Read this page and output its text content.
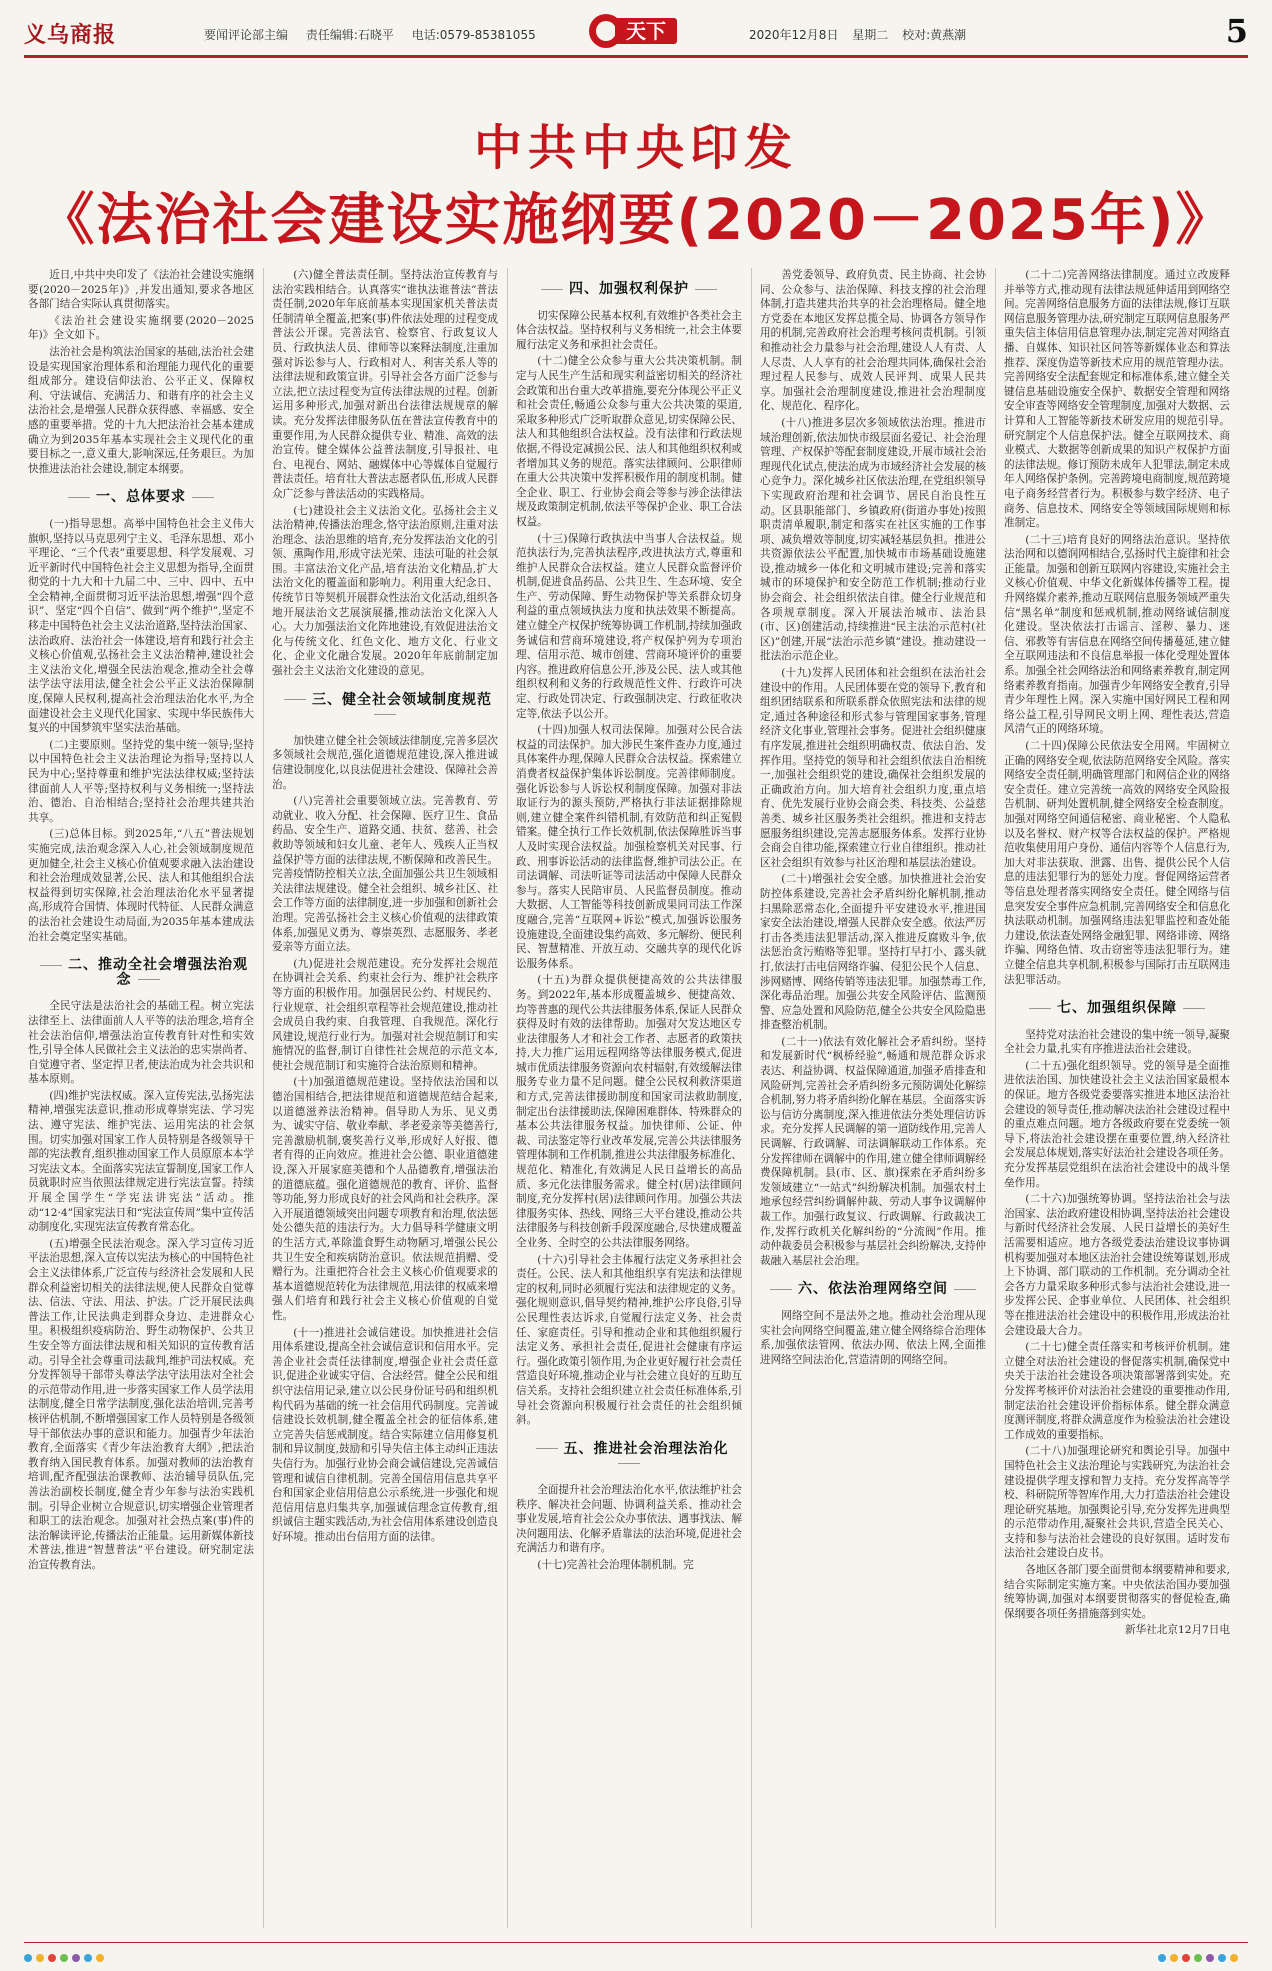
义乌商报	要闻评论部主编 责任编辑:石晓平 电话:0579-85381055	天下	2020年12月8日 星期二 校对:黄燕潮	5
中共中央印发
《法治社会建设实施纲要(2020－2025年)》

近日,中共中央印发了《法治社会建设实施纲要(2020－2025年)》,并发出通知,要求各地区各部门结合实际认真贯彻落实。

《法治社会建设实施纲要(2020－2025年)》全文如下。

法治社会是构筑法治国家的基础,法治社会建设是实现国家治理体系和治理能力现代化的重要组成部分。建设信仰法治、公平正义、保障权利、守法诚信、充满活力、和谐有序的社会主义法治社会,是增强人民群众获得感、幸福感、安全感的重要举措。党的十九大把法治社会基本建成确立为到2035年基本实现社会主义现代化的重要目标之一,意义重大,影响深远,任务艰巨。为加快推进法治社会建设,制定本纲要。

一、总体要求

(一)指导思想。高举中国特色社会主义伟大旗帜,坚持以马克思列宁主义、毛泽东思想、邓小平理论、“三个代表”重要思想、科学发展观、习近平新时代中国特色社会主义思想为指导,全面贯彻党的十九大和十九届二中、三中、四中、五中全会精神,全面贯彻习近平法治思想,增强“四个意识”、坚定“四个自信”、做到“两个维护”,坚定不移走中国特色社会主义法治道路,坚持法治国家、法治政府、法治社会一体建设,培育和践行社会主义核心价值观,弘扬社会主义法治精神,建设社会主义法治文化,增强全民法治观念,推动全社会尊法学法守法用法,健全社会公平正义法治保障制度,保障人民权利,提高社会治理法治化水平,为全面建设社会主义现代化国家、实现中华民族伟大复兴的中国梦筑牢坚实法治基础。

(二)主要原则。坚持党的集中统一领导;坚持以中国特色社会主义法治理论为指导;坚持以人民为中心;坚持尊重和维护宪法法律权威;坚持法律面前人人平等;坚持权利与义务相统一;坚持法治、德治、自治相结合;坚持社会治理共建共治共享。

(三)总体目标。到2025年,“八五”普法规划实施完成,法治观念深入人心,社会领域制度规范更加健全,社会主义核心价值观要求融入法治建设和社会治理成效显著,公民、法人和其他组织合法权益得到切实保障,社会治理法治化水平显著提高,形成符合国情、体现时代特征、人民群众满意的法治社会建设生动局面,为2035年基本建成法治社会奠定坚实基础。

二、推动全社会增强法治观念

全民守法是法治社会的基础工程。树立宪法法律至上、法律面前人人平等的法治理念,培育全社会法治信仰,增强法治宣传教育针对性和实效性,引导全体人民做社会主义法治的忠实崇尚者、自觉遵守者、坚定捍卫者,使法治成为社会共识和基本原则。

(四)维护宪法权威。深入宣传宪法,弘扬宪法精神,增强宪法意识,推动形成尊崇宪法、学习宪法、遵守宪法、维护宪法、运用宪法的社会氛围。切实加强对国家工作人员特别是各级领导干部的宪法教育,组织推动国家工作人员原原本本学习宪法文本。全面落实宪法宣誓制度,国家工作人员就职时应当依照法律规定进行宪法宣誓。持续开展全国学生“学宪法讲宪法”活动。推动“12·4”国家宪法日和“宪法宣传周”集中宣传活动制度化,实现宪法宣传教育常态化。

(五)增强全民法治观念。深入学习宣传习近平法治思想,深入宣传以宪法为核心的中国特色社会主义法律体系,广泛宣传与经济社会发展和人民群众利益密切相关的法律法规,使人民群众自觉尊法、信法、守法、用法、护法。广泛开展民法典普法工作,让民法典走到群众身边、走进群众心里。积极组织疫病防治、野生动物保护、公共卫生安全等方面法律法规和相关知识的宣传教育活动。引导全社会尊重司法裁判,维护司法权威。充分发挥领导干部带头尊法学法守法用法对全社会的示范带动作用,进一步落实国家工作人员学法用法制度,健全日常学法制度,强化法治培训,完善考核评估机制,不断增强国家工作人员特别是各级领导干部依法办事的意识和能力。加强青少年法治教育,全面落实《青少年法治教育大纲》,把法治教育纳入国民教育体系。加强对教师的法治教育培训,配齐配强法治课教师、法治辅导员队伍,完善法治副校长制度,健全青少年参与法治实践机制。引导企业树立合规意识,切实增强企业管理者和职工的法治观念。加强对社会热点案(事)件的法治解读评论,传播法治正能量。运用新媒体新技术普法,推进“智慧普法”平台建设。研究制定法治宣传教育法。

(六)健全普法责任制。坚持法治宣传教育与法治实践相结合。认真落实“谁执法谁普法”普法责任制,2020年年底前基本实现国家机关普法责任制清单全覆盖,把案(事)件依法处理的过程变成普法公开课。完善法官、检察官、行政复议人员、行政执法人员、律师等以案释法制度,注重加强对诉讼参与人、行政相对人、利害关系人等的法律法规和政策宣讲。引导社会各方面广泛参与立法,把立法过程变为宣传法律法规的过程。创新运用多种形式,加强对新出台法律法规规章的解读。充分发挥法律服务队伍在普法宣传教育中的重要作用,为人民群众提供专业、精准、高效的法治宣传。健全媒体公益普法制度,引导报社、电台、电视台、网站、融媒体中心等媒体自觉履行普法责任。培育壮大普法志愿者队伍,形成人民群众广泛参与普法活动的实践格局。

(七)建设社会主义法治文化。弘扬社会主义法治精神,传播法治理念,恪守法治原则,注重对法治理念、法治思维的培育,充分发挥法治文化的引领、熏陶作用,形成守法光荣、违法可耻的社会氛围。丰富法治文化产品,培育法治文化精品,扩大法治文化的覆盖面和影响力。利用重大纪念日、传统节日等契机开展群众性法治文化活动,组织各地开展法治文艺展演展播,推动法治文化深入人心。大力加强法治文化阵地建设,有效促进法治文化与传统文化、红色文化、地方文化、行业文化、企业文化融合发展。2020年年底前制定加强社会主义法治文化建设的意见。

三、健全社会领域制度规范

加快建立健全社会领域法律制度,完善多层次多领域社会规范,强化道德规范建设,深入推进诚信建设制度化,以良法促进社会建设、保障社会善治。

(八)完善社会重要领域立法。完善教育、劳动就业、收入分配、社会保障、医疗卫生、食品药品、安全生产、道路交通、扶贫、慈善、社会救助等领域和妇女儿童、老年人、残疾人正当权益保护等方面的法律法规,不断保障和改善民生。完善疫情防控相关立法,全面加强公共卫生领域相关法律法规建设。健全社会组织、城乡社区、社会工作等方面的法律制度,进一步加强和创新社会治理。完善弘扬社会主义核心价值观的法律政策体系,加强见义勇为、尊崇英烈、志愿服务、孝老爱亲等方面立法。

(九)促进社会规范建设。充分发挥社会规范在协调社会关系、约束社会行为、维护社会秩序等方面的积极作用。加强居民公约、村规民约、行业规章、社会组织章程等社会规范建设,推动社会成员自我约束、自我管理、自我规范。深化行风建设,规范行业行为。加强对社会规范制订和实施情况的监督,制订自律性社会规范的示范文本,使社会规范制订和实施符合法治原则和精神。

(十)加强道德规范建设。坚持依法治国和以德治国相结合,把法律规范和道德规范结合起来,以道德滋养法治精神。倡导助人为乐、见义勇为、诚实守信、敬业奉献、孝老爱亲等美德善行,完善激励机制,褒奖善行义举,形成好人好报、德者有得的正向效应。推进社会公德、职业道德建设,深入开展家庭美德和个人品德教育,增强法治的道德底蕴。强化道德规范的教育、评价、监督等功能,努力形成良好的社会风尚和社会秩序。深入开展道德领域突出问题专项教育和治理,依法惩处公德失范的违法行为。大力倡导科学健康文明的生活方式,革除滥食野生动物陋习,增强公民公共卫生安全和疾病防治意识。依法规范捐赠、受赠行为。注重把符合社会主义核心价值观要求的基本道德规范转化为法律规范,用法律的权威来增强人们培育和践行社会主义核心价值观的自觉性。

(十一)推进社会诚信建设。加快推进社会信用体系建设,提高全社会诚信意识和信用水平。完善企业社会责任法律制度,增强企业社会责任意识,促进企业诚实守信、合法经营。健全公民和组织守法信用记录,建立以公民身份证号码和组织机构代码为基础的统一社会信用代码制度。完善诚信建设长效机制,健全覆盖全社会的征信体系,建立完善失信惩戒制度。结合实际建立信用修复机制和异议制度,鼓励和引导失信主体主动纠正违法失信行为。加强行业协会商会诚信建设,完善诚信管理和诚信自律机制。完善全国信用信息共享平台和国家企业信用信息公示系统,进一步强化和规范信用信息归集共享,加强诚信理念宣传教育,组织诚信主题实践活动,为社会信用体系建设创造良好环境。推动出台信用方面的法律。

四、加强权利保护

切实保障公民基本权利,有效维护各类社会主体合法权益。坚持权利与义务相统一,社会主体要履行法定义务和承担社会责任。

(十二)健全公众参与重大公共决策机制。制定与人民生产生活和现实利益密切相关的经济社会政策和出台重大改革措施,要充分体现公平正义和社会责任,畅通公众参与重大公共决策的渠道,采取多种形式广泛听取群众意见,切实保障公民、法人和其他组织合法权益。没有法律和行政法规依据,不得设定减损公民、法人和其他组织权利或者增加其义务的规范。落实法律顾问、公职律师在重大公共决策中发挥积极作用的制度机制。健全企业、职工、行业协会商会等参与涉企法律法规及政策制定机制,依法平等保护企业、职工合法权益。

(十三)保障行政执法中当事人合法权益。规范执法行为,完善执法程序,改进执法方式,尊重和维护人民群众合法权益。建立人民群众监督评价机制,促进食品药品、公共卫生、生态环境、安全生产、劳动保障、野生动物保护等关系群众切身利益的重点领域执法力度和执法效果不断提高。建立健全产权保护统筹协调工作机制,持续加强政务诚信和营商环境建设,将产权保护列为专项治理、信用示范、城市创建、营商环境评价的重要内容。推进政府信息公开,涉及公民、法人或其他组织权利和义务的行政规范性文件、行政许可决定、行政处罚决定、行政强制决定、行政征收决定等,依法予以公开。

(十四)加强人权司法保障。加强对公民合法权益的司法保护。加大涉民生案件查办力度,通过具体案件办理,保障人民群众合法权益。探索建立消费者权益保护集体诉讼制度。完善律师制度。强化诉讼参与人诉讼权利制度保障。加强对非法取证行为的源头预防,严格执行非法证据排除规则,建立健全案件纠错机制,有效防范和纠正冤假错案。健全执行工作长效机制,依法保障胜诉当事人及时实现合法权益。加强检察机关对民事、行政、刑事诉讼活动的法律监督,维护司法公正。在司法调解、司法听证等司法活动中保障人民群众参与。落实人民陪审员、人民监督员制度。推动大数据、人工智能等科技创新成果同司法工作深度融合,完善“互联网+诉讼”模式,加强诉讼服务设施建设,全面建设集约高效、多元解纷、便民利民、智慧精准、开放互动、交融共享的现代化诉讼服务体系。

(十五)为群众提供便捷高效的公共法律服务。到2022年,基本形成覆盖城乡、便捷高效、均等普惠的现代公共法律服务体系,保证人民群众获得及时有效的法律帮助。加强对欠发达地区专业法律服务人才和社会工作者、志愿者的政策扶持,大力推广运用远程网络等法律服务模式,促进城市优质法律服务资源向农村辐射,有效缓解法律服务专业力量不足问题。健全公民权利救济渠道和方式,完善法律援助制度和国家司法救助制度,制定出台法律援助法,保障困难群体、特殊群众的基本公共法律服务权益。加快律师、公证、仲裁、司法鉴定等行业改革发展,完善公共法律服务管理体制和工作机制,推进公共法律服务标准化、规范化、精准化,有效满足人民日益增长的高品质、多元化法律服务需求。健全村(居)法律顾问制度,充分发挥村(居)法律顾问作用。加强公共法律服务实体、热线、网络三大平台建设,推动公共法律服务与科技创新手段深度融合,尽快建成覆盖全业务、全时空的公共法律服务网络。

(十六)引导社会主体履行法定义务承担社会责任。公民、法人和其他组织享有宪法和法律规定的权利,同时必须履行宪法和法律规定的义务。强化规则意识,倡导契约精神,维护公序良俗,引导公民理性表达诉求,自觉履行法定义务、社会责任、家庭责任。引导和推动企业和其他组织履行法定义务、承担社会责任,促进社会健康有序运行。强化政策引领作用,为企业更好履行社会责任营造良好环境,推动企业与社会建立良好的互助互信关系。支持社会组织建立社会责任标准体系,引导社会资源向积极履行社会责任的社会组织倾斜。

五、推进社会治理法治化

全面提升社会治理法治化水平,依法维护社会秩序、解决社会问题、协调利益关系、推动社会事业发展,培育社会公众办事依法、遇事找法、解决问题用法、化解矛盾靠法的法治环境,促进社会充满活力和谐有序。

(十七)完善社会治理体制机制。完

善党委领导、政府负责、民主协商、社会协同、公众参与、法治保障、科技支撑的社会治理体制,打造共建共治共享的社会治理格局。健全地方党委在本地区发挥总揽全局、协调各方领导作用的机制,完善政府社会治理考核问责机制。引领和推动社会力量参与社会治理,建设人人有责、人人尽责、人人享有的社会治理共同体,确保社会治理过程人民参与、成效人民评判、成果人民共享。加强社会治理制度建设,推进社会治理制度化、规范化、程序化。

(十八)推进多层次多领域依法治理。推进市域治理创新,依法加快市级层面名爱记、社会治理管理、产权保护等配套制度建设,开展市域社会治理现代化试点,使法治成为市域经济社会发展的核心竞争力。深化城乡社区依法治理,在党组织领导下实现政府治理和社会调节、居民自治良性互动。区县职能部门、乡镇政府(街道办事处)按照职责清单履职,制定和落实在社区实施的工作事项、减负增效等制度,切实减轻基层负担。推进公共资源依法公平配置,加快城市市场基础设施建设,推动城乡一体化和文明城市建设;完善和落实城市的环境保护和安全防范工作机制;推动行业协会商会、社会组织依法自律。健全行业规范和各项规章制度。深入开展法治城市、法治县(市、区)创建活动,持续推进“民主法治示范村(社区)”创建,开展“法治示范乡镇”建设。推动建设一批法治示范企业。

(十九)发挥人民团体和社会组织在法治社会建设中的作用。人民团体要在党的领导下,教育和组织团结联系和所联系群众依照宪法和法律的规定,通过各种途径和形式参与管理国家事务,管理经济文化事业,管理社会事务。促进社会组织健康有序发展,推进社会组织明确权责、依法自治、发挥作用。坚持党的领导和社会组织依法自治相统一,加强社会组织党的建设,确保社会组织发展的正确政治方向。加大培育社会组织力度,重点培育、优先发展行业协会商会类、科技类、公益慈善类、城乡社区服务类社会组织。推进和支持志愿服务组织建设,完善志愿服务体系。发挥行业协会商会自律功能,探索建立行业自律组织。推动社区社会组织有效参与社区治理和基层法治建设。

(二十)增强社会安全感。加快推进社会治安防控体系建设,完善社会矛盾纠纷化解机制,推动扫黑除恶常态化,全面提升平安建设水平,推进国家安全法治建设,增强人民群众安全感。依法严厉打击各类违法犯罪活动,深入推进反腐败斗争,依法惩治贪污贿赂等犯罪。坚持打早打小、露头就打,依法打击电信网络诈骗、侵犯公民个人信息、涉网赌博、网络传销等违法犯罪。加强禁毒工作,深化毒品治理。加强公共安全风险评估、监测预警、应急处置和风险防范,健全公共安全风险隐患排查整治机制。

(二十一)依法有效化解社会矛盾纠纷。坚持和发展新时代“枫桥经验”,畅通和规范群众诉求表达、利益协调、权益保障通道,加强矛盾排查和风险研判,完善社会矛盾纠纷多元预防调处化解综合机制,努力将矛盾纠纷化解在基层。全面落实诉讼与信访分离制度,深入推进依法分类处理信访诉求。充分发挥人民调解的第一道防线作用,完善人民调解、行政调解、司法调解联动工作体系。充分发挥律师在调解中的作用,建立健全律师调解经费保障机制。县(市、区、旗)探索在矛盾纠纷多发领域建立“一站式”纠纷解决机制。加强农村土地承包经营纠纷调解仲裁、劳动人事争议调解仲裁工作。加强行政复议、行政调解、行政裁决工作,发挥行政机关化解纠纷的“分流阀”作用。推动仲裁委员会积极参与基层社会纠纷解决,支持仲裁融入基层社会治理。

六、依法治理网络空间

网络空间不是法外之地。推动社会治理从现实社会向网络空间覆盖,建立健全网络综合治理体系,加强依法管网、依法办网、依法上网,全面推进网络空间法治化,营造清朗的网络空间。

(二十二)完善网络法律制度。通过立改废释并举等方式,推动现有法律法规延伸适用到网络空间。完善网络信息服务方面的法律法规,修订互联网信息服务管理办法,研究制定互联网信息服务严重失信主体信用信息管理办法,制定完善对网络直播、自媒体、知识社区问答等新媒体业态和算法推荐、深度伪造等新技术应用的规范管理办法。完善网络安全法配套规定和标准体系,建立健全关键信息基础设施安全保护、数据安全管理和网络安全审查等网络安全管理制度,加强对大数据、云计算和人工智能等新技术研发应用的规范引导。研究制定个人信息保护法。健全互联网技术、商业模式、大数据等创新成果的知识产权保护方面的法律法规。修订预防未成年人犯罪法,制定未成年人网络保护条例。完善跨境电商制度,规范跨境电子商务经营者行为。积极参与数字经济、电子商务、信息技术、网络安全等领域国际规则和标准制定。

(二十三)培育良好的网络法治意识。坚持依法治网和以德润网相结合,弘扬时代主旋律和社会正能量。加强和创新互联网内容建设,实施社会主义核心价值观、中华文化新媒体传播等工程。提升网络媒介素养,推动互联网信息服务领域严重失信“黑名单”制度和惩戒机制,推动网络诚信制度化建设。坚决依法打击谣言、淫秽、暴力、迷信、邪教等有害信息在网络空间传播蔓延,建立健全互联网违法和不良信息举报一体化受理处置体系。加强全社会网络法治和网络素养教育,制定网络素养教育指南。加强青少年网络安全教育,引导青少年理性上网。深入实施中国好网民工程和网络公益工程,引导网民文明上网、理性表达,营造风清气正的网络环境。

(二十四)保障公民依法安全用网。牢固树立正确的网络安全观,依法防范网络安全风险。落实网络安全责任制,明确管理部门和网信企业的网络安全责任。建立完善统一高效的网络安全风险报告机制、研判处置机制,健全网络安全检查制度。加强对网络空间通信秘密、商业秘密、个人隐私以及名誉权、财产权等合法权益的保护。严格规范收集使用用户身份、通信内容等个人信息行为,加大对非法获取、泄露、出售、提供公民个人信息的违法犯罪行为的惩处力度。督促网络运营者等信息处理者落实网络安全责任。健全网络与信息突发安全事件应急机制,完善网络安全和信息化执法联动机制。加强网络违法犯罪监控和查处能力建设,依法查处网络金融犯罪、网络诽谤、网络诈骗、网络色情、攻击窃密等违法犯罪行为。建立健全信息共享机制,积极参与国际打击互联网违法犯罪活动。

七、加强组织保障

坚持党对法治社会建设的集中统一领导,凝聚全社会力量,扎实有序推进法治社会建设。

(二十五)强化组织领导。党的领导是全面推进依法治国、加快建设社会主义法治国家最根本的保证。地方各级党委要落实推进本地区法治社会建设的领导责任,推动解决法治社会建设过程中的重点难点问题。地方各级政府要在党委统一领导下,将法治社会建设摆在重要位置,纳入经济社会发展总体规划,落实好法治社会建设各项任务。充分发挥基层党组织在法治社会建设中的战斗堡垒作用。

(二十六)加强统筹协调。坚持法治社会与法治国家、法治政府建设相协调,坚持法治社会建设与新时代经济社会发展、人民日益增长的美好生活需要相适应。地方各级党委法治建设议事协调机构要加强对本地区法治社会建设统筹谋划,形成上下协调、部门联动的工作机制。充分调动全社会各方力量采取多种形式参与法治社会建设,进一步发挥公民、企事业单位、人民团体、社会组织等在推进法治社会建设中的积极作用,形成法治社会建设最大合力。

(二十七)健全责任落实和考核评价机制。建立健全对法治社会建设的督促落实机制,确保党中央关于法治社会建设各项决策部署落到实处。充分发挥考核评价对法治社会建设的重要推动作用,制定法治社会建设评价指标体系。健全群众满意度测评制度,将群众满意度作为检验法治社会建设工作成效的重要指标。

(二十八)加强理论研究和舆论引导。加强中国特色社会主义法治理论与实践研究,为法治社会建设提供学理支撑和智力支持。充分发挥高等学校、科研院所等智库作用,大力打造法治社会建设理论研究基地。加强舆论引导,充分发挥先进典型的示范带动作用,凝聚社会共识,营造全民关心、支持和参与法治社会建设的良好氛围。适时发布法治社会建设白皮书。

各地区各部门要全面贯彻本纲要精神和要求,结合实际制定实施方案。中央依法治国办要加强统筹协调,加强对本纲要贯彻落实的督促检查,确保纲要各项任务措施落到实处。

新华社北京12月7日电
